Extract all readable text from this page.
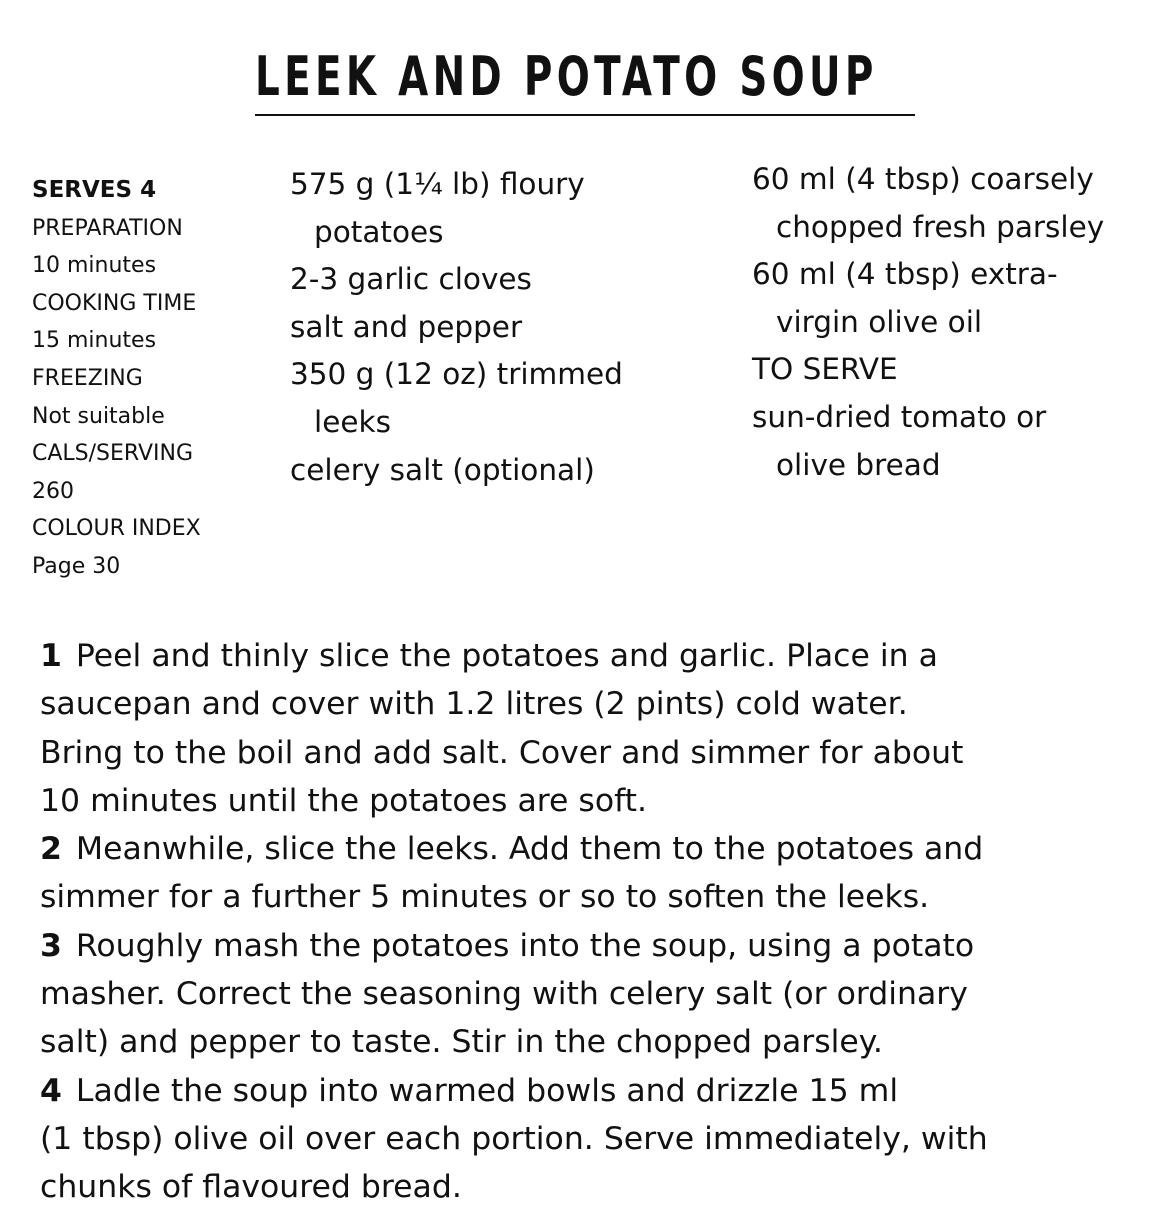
LEEK AND POTATO SOUP
SERVES 4
PREPARATION
10 minutes
COOKING TIME
15 minutes
FREEZING
Not suitable
CALS/SERVING
260
COLOUR INDEX
Page 30
575 g (1¼ lb) floury
potatoes
2-3 garlic cloves
salt and pepper
350 g (12 oz) trimmed
leeks
celery salt (optional)
60 ml (4 tbsp) coarsely
chopped fresh parsley
60 ml (4 tbsp) extra-
virgin olive oil
TO SERVE
sun-dried tomato or
olive bread
1 Peel and thinly slice the potatoes and garlic. Place in a
saucepan and cover with 1.2 litres (2 pints) cold water.
Bring to the boil and add salt. Cover and simmer for about
10 minutes until the potatoes are soft.
2 Meanwhile, slice the leeks. Add them to the potatoes and
simmer for a further 5 minutes or so to soften the leeks.
3 Roughly mash the potatoes into the soup, using a potato
masher. Correct the seasoning with celery salt (or ordinary
salt) and pepper to taste. Stir in the chopped parsley.
4 Ladle the soup into warmed bowls and drizzle 15 ml
(1 tbsp) olive oil over each portion. Serve immediately, with
chunks of flavoured bread.
